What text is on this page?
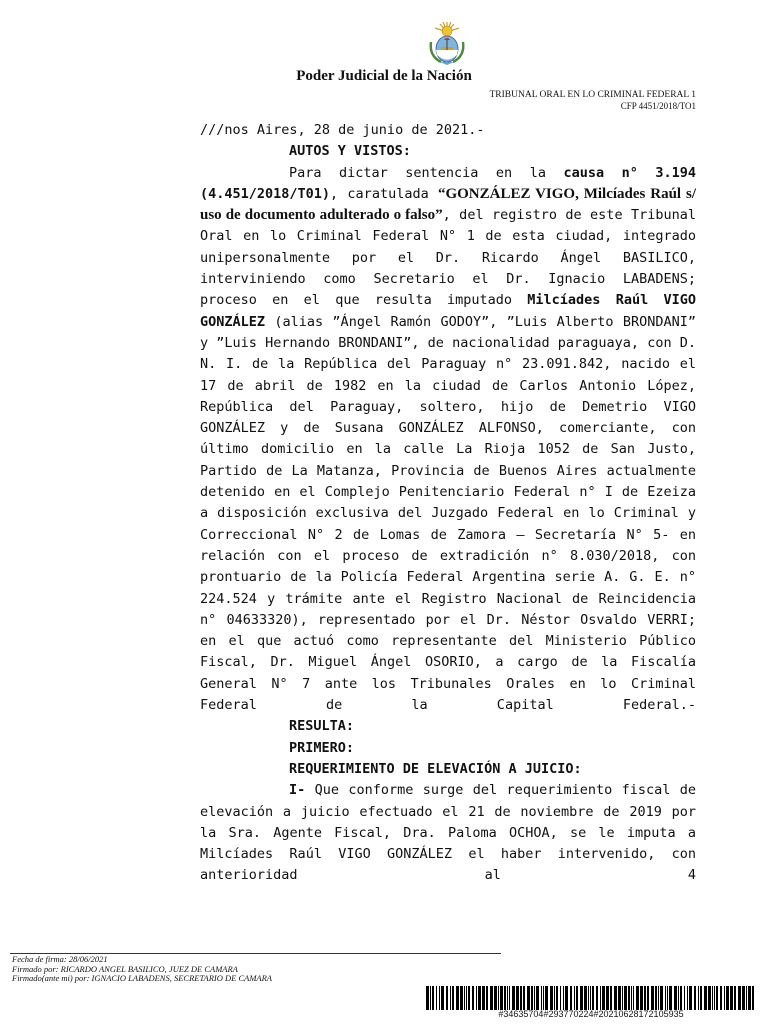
Poder Judicial de la Nación
TRIBUNAL ORAL EN LO CRIMINAL FEDERAL 1
CFP 4451/2018/TO1

///nos Aires, 28 de junio de 2021.-

AUTOS Y VISTOS:

Para dictar sentencia en la causa n° 3.194 (4.451/2018/T01), caratulada “GONZÁLEZ VIGO, Milcíades Raúl s/ uso de documento adulterado o falso”, del registro de este Tribunal Oral en lo Criminal Federal N° 1 de esta ciudad, integrado unipersonalmente por el Dr. Ricardo Ángel BASILICO, interviniendo como Secretario el Dr. Ignacio LABADENS; proceso en el que resulta imputado Milcíades Raúl VIGO GONZÁLEZ (alias ”Ángel Ramón GODOY”, ”Luis Alberto BRONDANI” y ”Luis Hernando BRONDANI”, de nacionalidad paraguaya, con D. N. I. de la República del Paraguay n° 23.091.842, nacido el 17 de abril de 1982 en la ciudad de Carlos Antonio López, República del Paraguay, soltero, hijo de Demetrio VIGO GONZÁLEZ y de Susana GONZÁLEZ ALFONSO, comerciante, con último domicilio en la calle La Rioja 1052 de San Justo, Partido de La Matanza, Provincia de Buenos Aires actualmente detenido en el Complejo Penitenciario Federal n° I de Ezeiza a disposición exclusiva del Juzgado Federal en lo Criminal y Correccional N° 2 de Lomas de Zamora – Secretaría N° 5- en relación con el proceso de extradición n° 8.030/2018, con prontuario de la Policía Federal Argentina serie A. G. E. n° 224.524 y trámite ante el Registro Nacional de Reincidencia n° 04633320), representado por el Dr. Néstor Osvaldo VERRI; en el que actuó como representante del Ministerio Público Fiscal, Dr. Miguel Ángel OSORIO, a cargo de la Fiscalía General N° 7 ante los Tribunales Orales en lo Criminal Federal de la Capital Federal.-

RESULTA:

PRIMERO:

REQUERIMIENTO DE ELEVACIÓN A JUICIO:

I- Que conforme surge del requerimiento fiscal de elevación a juicio efectuado el 21 de noviembre de 2019 por la Sra. Agente Fiscal, Dra. Paloma OCHOA, se le imputa a Milcíades Raúl VIGO GONZÁLEZ el haber intervenido, con anterioridad al 4

Fecha de firma: 28/06/2021
Firmado por: RICARDO ANGEL BASILICO, JUEZ DE CAMARA
Firmado(ante mi) por: IGNACIO LABADENS, SECRETARIO DE CAMARA
#34635704#293770224#20210628172105935
